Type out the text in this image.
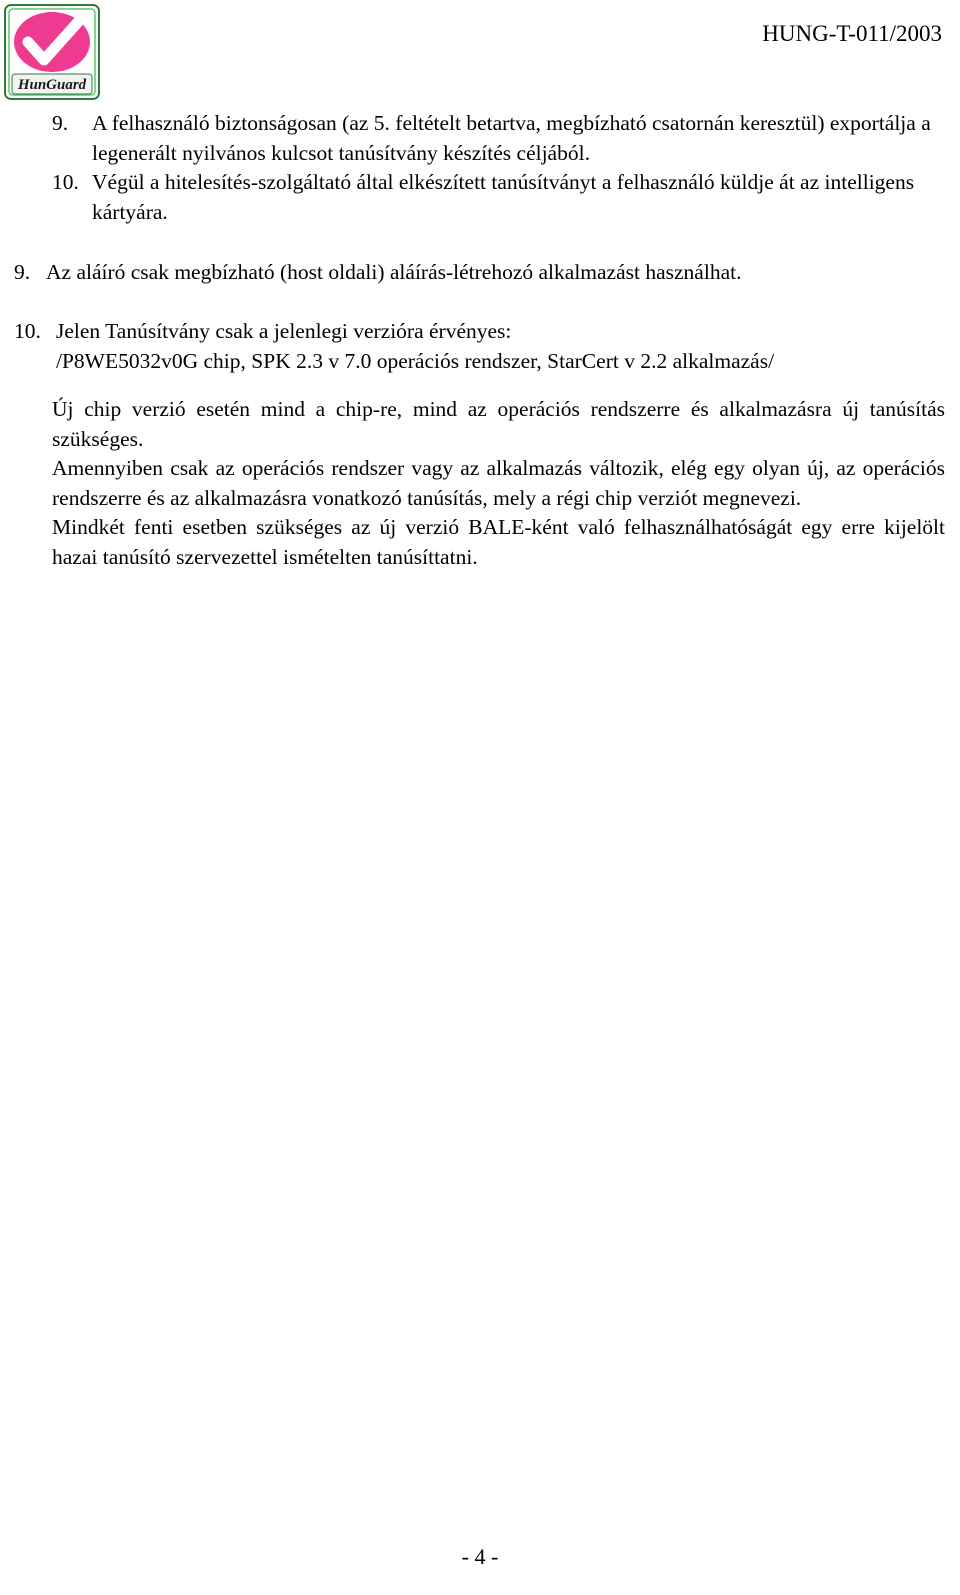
HunGuard
HUNG-T-011/2003
9.	A felhasználó biztonságosan (az 5. feltételt betartva, megbízható csatornán keresztül) exportálja a legenerált nyilvános kulcsot tanúsítvány készítés céljából.
10. Végül a hitelesítés-szolgáltató által elkészített tanúsítványt a felhasználó küldje át az intelligens kártyára.
9. Az aláíró csak megbízható (host oldali) aláírás-létrehozó alkalmazást használhat.
10. Jelen Tanúsítvány csak a jelenlegi verzióra érvényes:
/P8WE5032v0G chip, SPK 2.3 v 7.0 operációs rendszer, StarCert v 2.2 alkalmazás/

Új chip verzió esetén mind a chip-re, mind az operációs rendszerre és alkalmazásra új tanúsítás szükséges.

Amennyiben csak az operációs rendszer vagy az alkalmazás változik, elég egy olyan új, az operációs rendszerre és az alkalmazásra vonatkozó tanúsítás, mely a régi chip verziót megnevezi.

Mindkét fenti esetben szükséges az új verzió BALE-ként való felhasználhatóságát egy erre kijelölt hazai tanúsító szervezettel ismételten tanúsíttatni.

- 4 -
